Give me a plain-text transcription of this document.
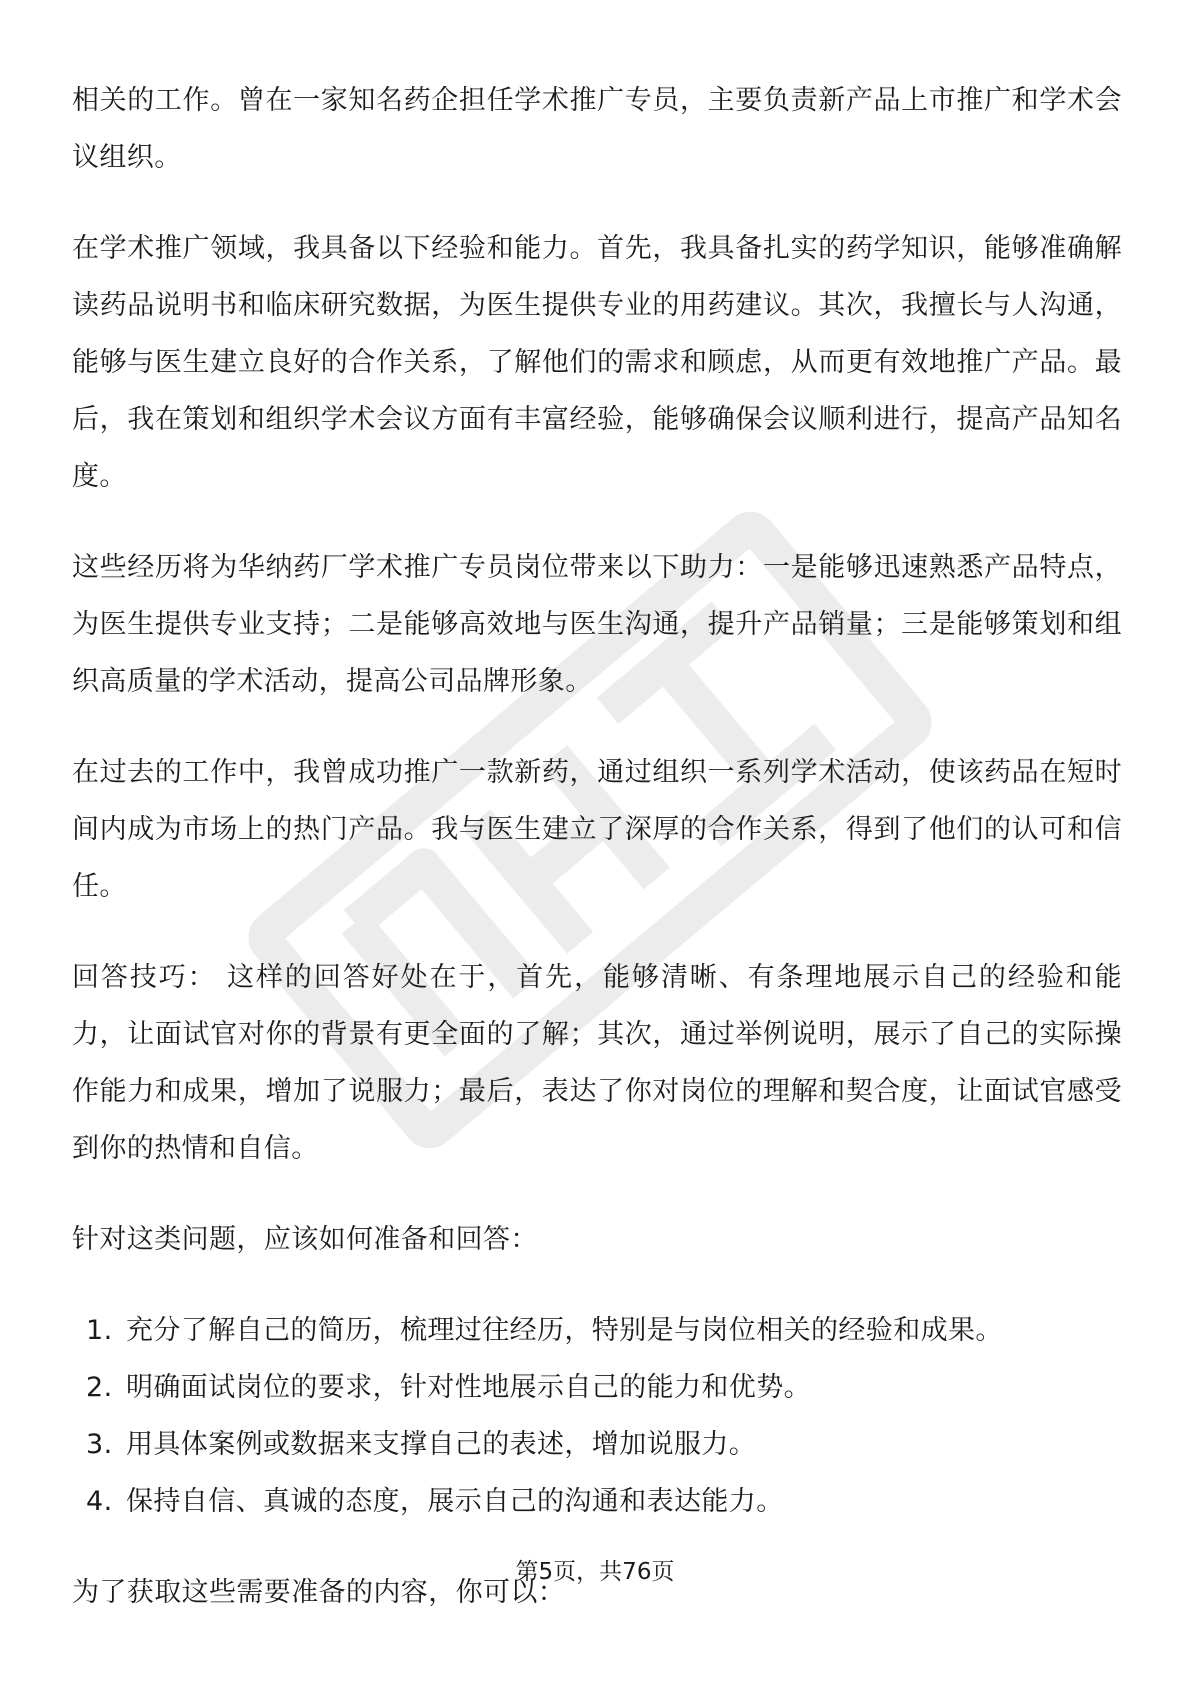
相关的工作。曾在一家知名药企担任学术推广专员，主要负责新产品上市推广和学术会议组织。

在学术推广领域，我具备以下经验和能力。首先，我具备扎实的药学知识，能够准确解读药品说明书和临床研究数据，为医生提供专业的用药建议。其次，我擅长与人沟通，能够与医生建立良好的合作关系，了解他们的需求和顾虑，从而更有效地推广产品。最后，我在策划和组织学术会议方面有丰富经验，能够确保会议顺利进行，提高产品知名度。

这些经历将为华纳药厂学术推广专员岗位带来以下助力：一是能够迅速熟悉产品特点，为医生提供专业支持；二是能够高效地与医生沟通，提升产品销量；三是能够策划和组织高质量的学术活动，提高公司品牌形象。

在过去的工作中，我曾成功推广一款新药，通过组织一系列学术活动，使该药品在短时间内成为市场上的热门产品。我与医生建立了深厚的合作关系，得到了他们的认可和信任。

回答技巧： 这样的回答好处在于，首先，能够清晰、有条理地展示自己的经验和能力，让面试官对你的背景有更全面的了解；其次，通过举例说明，展示了自己的实际操作能力和成果，增加了说服力；最后，表达了你对岗位的理解和契合度，让面试官感受到你的热情和自信。

针对这类问题，应该如何准备和回答：

1. 充分了解自己的简历，梳理过往经历，特别是与岗位相关的经验和成果。
2. 明确面试岗位的要求，针对性地展示自己的能力和优势。
3. 用具体案例或数据来支撑自己的表述，增加说服力。
4. 保持自信、真诚的态度，展示自己的沟通和表达能力。

为了获取这些需要准备的内容，你可以：

第5页，共76页
